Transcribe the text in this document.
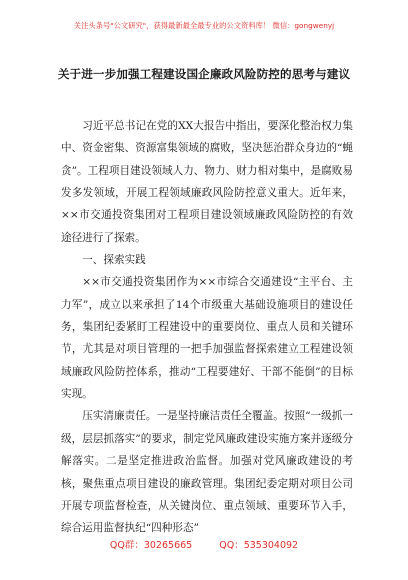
关注头条号"公文研究"，获得最新最全最专业的公文资料库！ 微信：gongwenyj
关于进一步加强工程建设国企廉政风险防控的思考与建议

习近平总书记在党的XX大报告中指出，要深化整治权力集中、资金密集、资源富集领域的腐败，坚决惩治群众身边的“蝇贪”。工程项目建设领域人力、物力、财力相对集中，是腐败易发多发领域，开展工程领域廉政风险防控意义重大。近年来，××市交通投资集团对工程项目建设领域廉政风险防控的有效途径进行了探索。

一、探索实践

××市交通投资集团作为××市综合交通建设“主平台、主力军”，成立以来承担了14个市级重大基础设施项目的建设任务，集团纪委紧盯工程建设中的重要岗位、重点人员和关键环节，尤其是对项目管理的一把手加强监督探索建立工程建设领域廉政风险防控体系，推动“工程要建好、干部不能倒”的目标实现。

压实清廉责任。一是坚持廉洁责任全覆盖。按照“一级抓一级，层层抓落实”的要求，制定党风廉政建设实施方案并逐级分解落实。二是坚定推进政治监督。加强对党风廉政建设的考核，聚焦重点项目建设的廉政管理。集团纪委定期对项目公司开展专项监督检查，从关键岗位、重点领域、重要环节入手，综合运用监督执纪“四种形态”

QQ群：30265665	QQ：535304092
